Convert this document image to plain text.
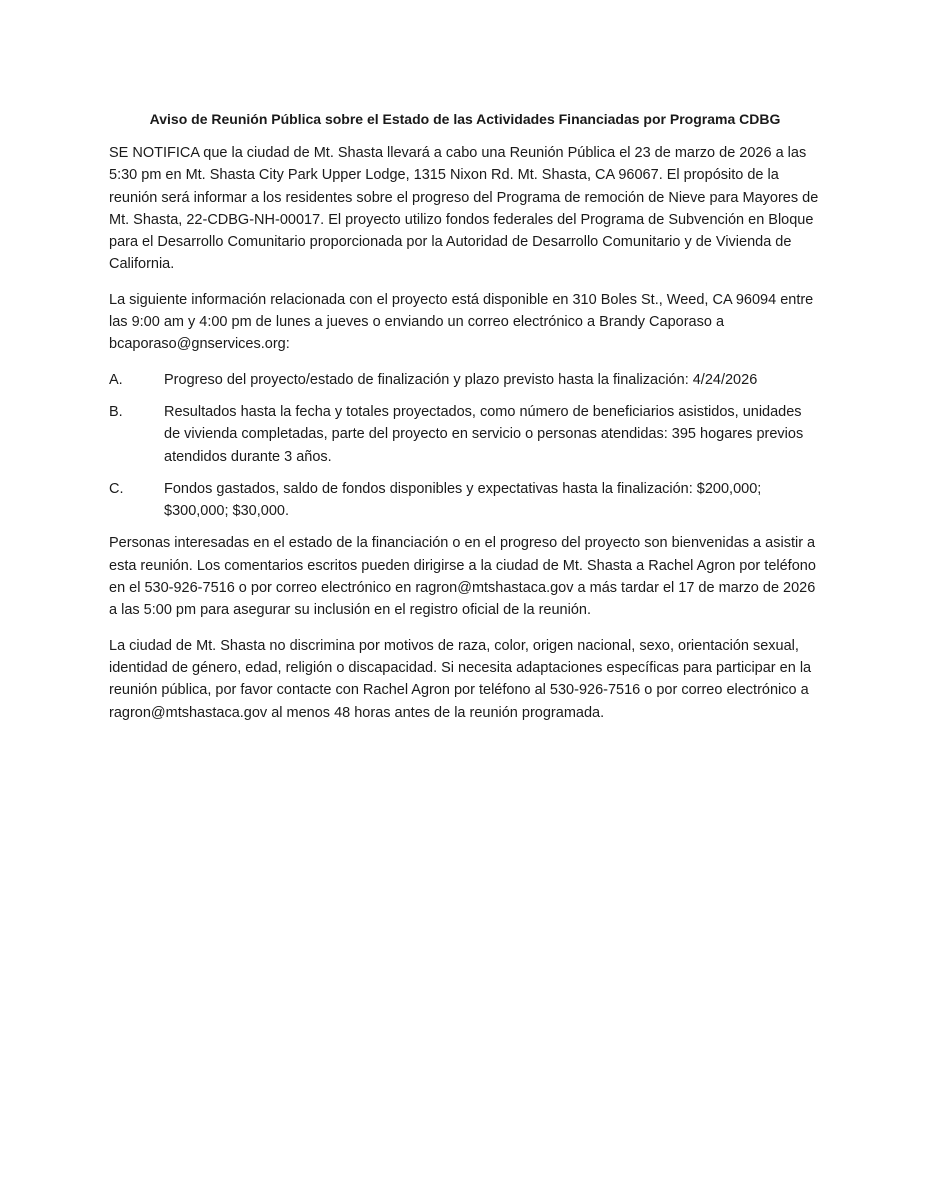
Aviso de Reunión Pública sobre el Estado de las Actividades Financiadas por Programa CDBG

SE NOTIFICA que la ciudad de Mt. Shasta llevará a cabo una Reunión Pública el 23 de marzo de 2026 a las 5:30 pm en Mt. Shasta City Park Upper Lodge, 1315 Nixon Rd. Mt. Shasta, CA 96067. El propósito de la reunión será informar a los residentes sobre el progreso del Programa de remoción de Nieve para Mayores de Mt. Shasta, 22-CDBG-NH-00017. El proyecto utilizo fondos federales del Programa de Subvención en Bloque para el Desarrollo Comunitario proporcionada por la Autoridad de Desarrollo Comunitario y de Vivienda de California.

La siguiente información relacionada con el proyecto está disponible en 310 Boles St., Weed, CA 96094 entre las 9:00 am y 4:00 pm de lunes a jueves o enviando un correo electrónico a Brandy Caporaso a bcaporaso@gnservices.org:

A.	Progreso del proyecto/estado de finalización y plazo previsto hasta la finalización: 4/24/2026
B.	Resultados hasta la fecha y totales proyectados, como número de beneficiarios asistidos, unidades de vivienda completadas, parte del proyecto en servicio o personas atendidas: 395 hogares previos atendidos durante 3 años.
C.	Fondos gastados, saldo de fondos disponibles y expectativas hasta la finalización: $200,000; $300,000; $30,000.

Personas interesadas en el estado de la financiación o en el progreso del proyecto son bienvenidas a asistir a esta reunión. Los comentarios escritos pueden dirigirse a la ciudad de Mt. Shasta a Rachel Agron por teléfono en el 530-926-7516 o por correo electrónico en ragron@mtshastaca.gov a más tardar el 17 de marzo de 2026 a las 5:00 pm para asegurar su inclusión en el registro oficial de la reunión.

La ciudad de Mt. Shasta no discrimina por motivos de raza, color, origen nacional, sexo, orientación sexual, identidad de género, edad, religión o discapacidad. Si necesita adaptaciones específicas para participar en la reunión pública, por favor contacte con Rachel Agron por teléfono al 530-926-7516 o por correo electrónico a ragron@mtshastaca.gov al menos 48 horas antes de la reunión programada.
